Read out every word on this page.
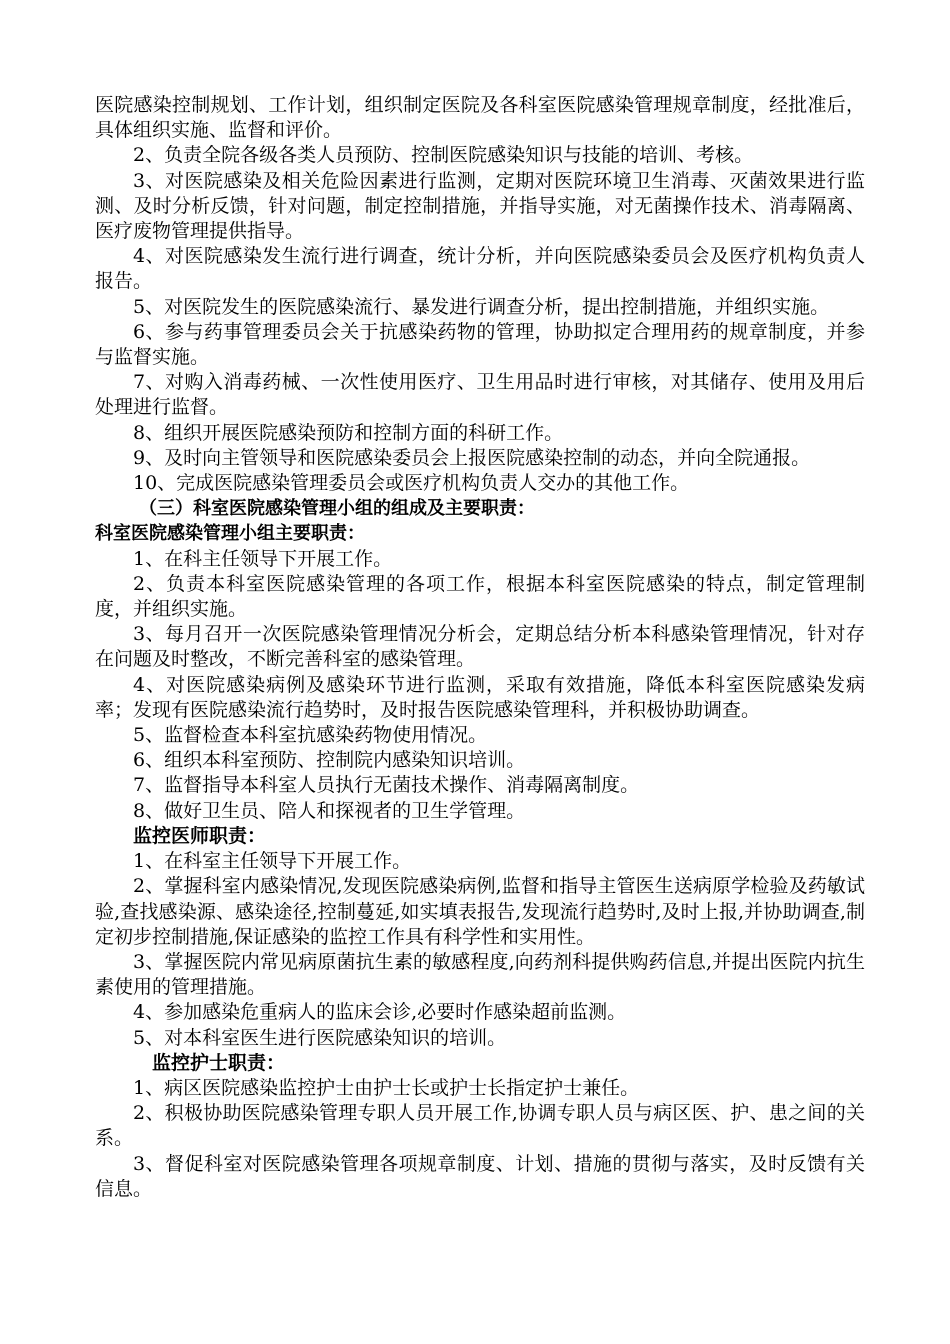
医院感染控制规划、工作计划，组织制定医院及各科室医院感染管理规章制度，经批准后，具体组织实施、监督和评价。

2、负责全院各级各类人员预防、控制医院感染知识与技能的培训、考核。

3、对医院感染及相关危险因素进行监测，定期对医院环境卫生消毒、灭菌效果进行监测、及时分析反馈，针对问题，制定控制措施，并指导实施，对无菌操作技术、消毒隔离、医疗废物管理提供指导。

4、对医院感染发生流行进行调查，统计分析，并向医院感染委员会及医疗机构负责人报告。

5、对医院发生的医院感染流行、暴发进行调查分析，提出控制措施，并组织实施。

6、参与药事管理委员会关于抗感染药物的管理，协助拟定合理用药的规章制度，并参与监督实施。

7、对购入消毒药械、一次性使用医疗、卫生用品时进行审核，对其储存、使用及用后处理进行监督。

8、组织开展医院感染预防和控制方面的科研工作。

9、及时向主管领导和医院感染委员会上报医院感染控制的动态，并向全院通报。

10、完成医院感染管理委员会或医疗机构负责人交办的其他工作。

（三）科室医院感染管理小组的组成及主要职责：

科室医院感染管理小组主要职责：

1、在科主任领导下开展工作。

2、负责本科室医院感染管理的各项工作，根据本科室医院感染的特点，制定管理制度，并组织实施。

3、每月召开一次医院感染管理情况分析会，定期总结分析本科感染管理情况，针对存在问题及时整改，不断完善科室的感染管理。

4、对医院感染病例及感染环节进行监测，采取有效措施，降低本科室医院感染发病率；发现有医院感染流行趋势时，及时报告医院感染管理科，并积极协助调查。

5、监督检查本科室抗感染药物使用情况。

6、组织本科室预防、控制院内感染知识培训。

7、监督指导本科室人员执行无菌技术操作、消毒隔离制度。

8、做好卫生员、陪人和探视者的卫生学管理。

监控医师职责：

1、在科室主任领导下开展工作。

2、掌握科室内感染情况,发现医院感染病例,监督和指导主管医生送病原学检验及药敏试验,查找感染源、感染途径,控制蔓延,如实填表报告,发现流行趋势时,及时上报,并协助调查,制定初步控制措施,保证感染的监控工作具有科学性和实用性。

3、掌握医院内常见病原菌抗生素的敏感程度,向药剂科提供购药信息,并提出医院内抗生素使用的管理措施。

4、参加感染危重病人的监床会诊,必要时作感染超前监测。

5、对本科室医生进行医院感染知识的培训。

监控护士职责：

1、病区医院感染监控护士由护士长或护士长指定护士兼任。

2、积极协助医院感染管理专职人员开展工作,协调专职人员与病区医、护、患之间的关系。

3、督促科室对医院感染管理各项规章制度、计划、措施的贯彻与落实，及时反馈有关信息。
